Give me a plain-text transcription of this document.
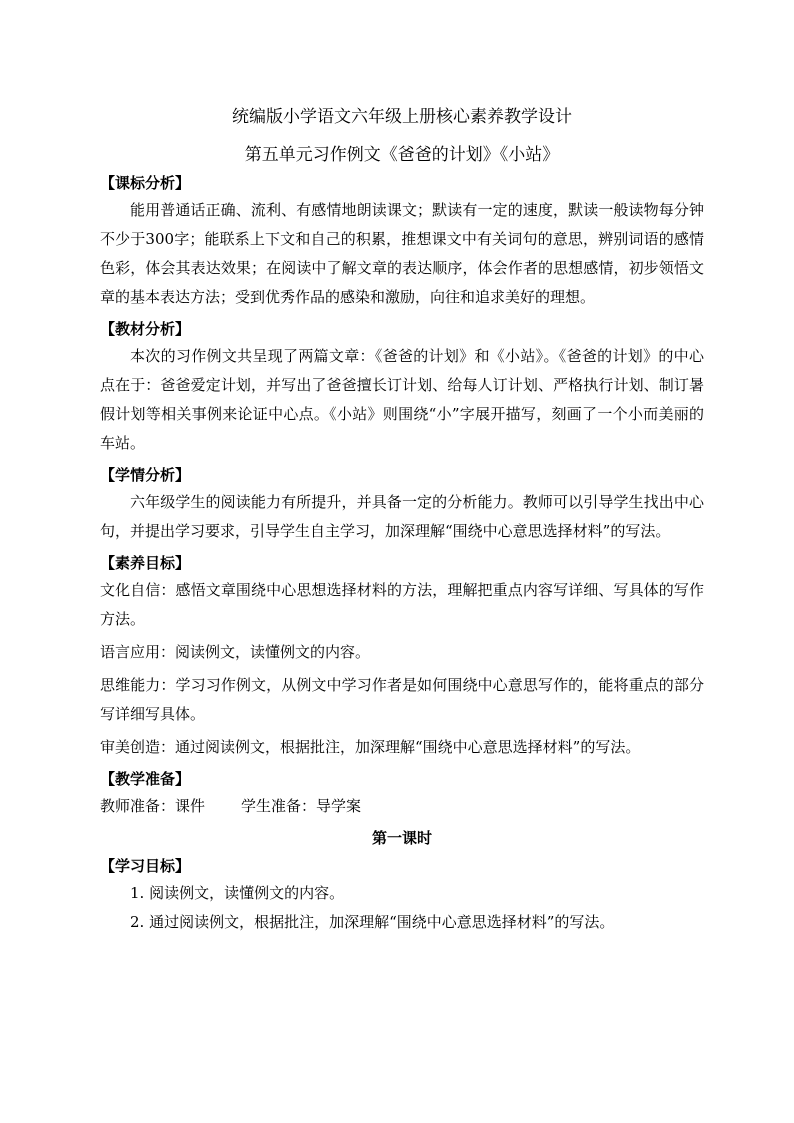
统编版小学语文六年级上册核心素养教学设计

第五单元习作例文《爸爸的计划》《小站》

【课标分析】

能用普通话正确、流利、有感情地朗读课文；默读有一定的速度，默读一般读物每分钟不少于300字；能联系上下文和自己的积累，推想课文中有关词句的意思，辨别词语的感情色彩，体会其表达效果；在阅读中了解文章的表达顺序，体会作者的思想感情，初步领悟文章的基本表达方法；受到优秀作品的感染和激励，向往和追求美好的理想。

【教材分析】

本次的习作例文共呈现了两篇文章：《爸爸的计划》和《小站》。《爸爸的计划》的中心点在于：爸爸爱定计划，并写出了爸爸擅长订计划、给每人订计划、严格执行计划、制订暑假计划等相关事例来论证中心点。《小站》则围绕“小”字展开描写，刻画了一个小而美丽的车站。

【学情分析】

六年级学生的阅读能力有所提升，并具备一定的分析能力。教师可以引导学生找出中心句，并提出学习要求，引导学生自主学习，加深理解“围绕中心意思选择材料”的写法。

【素养目标】

文化自信：感悟文章围绕中心思想选择材料的方法，理解把重点内容写详细、写具体的写作方法。

语言应用：阅读例文，读懂例文的内容。

思维能力：学习习作例文，从例文中学习作者是如何围绕中心意思写作的，能将重点的部分写详细写具体。

审美创造：通过阅读例文，根据批注，加深理解“围绕中心意思选择材料”的写法。

【教学准备】

教师准备：课件 学生准备：导学案

第一课时

【学习目标】

1. 阅读例文，读懂例文的内容。

2. 通过阅读例文，根据批注，加深理解“围绕中心意思选择材料”的写法。
